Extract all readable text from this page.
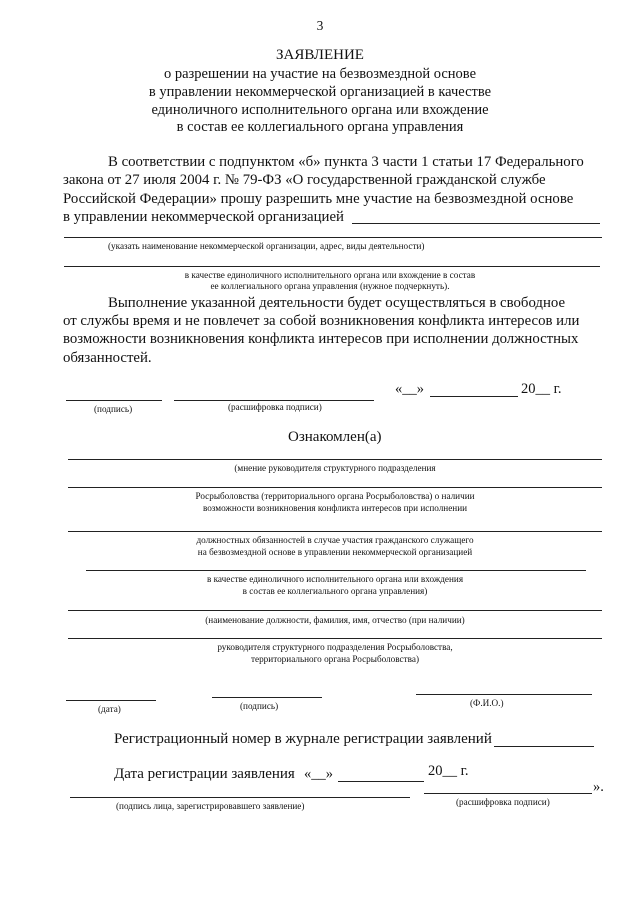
3
ЗАЯВЛЕНИЕ
о разрешении на участие на безвозмездной основе
в управлении некоммерческой организацией в качестве
единоличного исполнительного органа или вхождение
в состав ее коллегиального органа управления
В соответствии с подпунктом «б» пункта 3 части 1 статьи 17 Федерального
закона от 27 июля 2004 г. № 79-ФЗ «О государственной гражданской службе
Российской Федерации» прошу разрешить мне участие на безвозмездной основе
в управлении некоммерческой организацией
(указать наименование некоммерческой организации, адрес, виды деятельности)
в качестве единоличного исполнительного органа или вхождение в состав
ее коллегиального органа управления (нужное подчеркнуть).
Выполнение указанной деятельности будет осуществляться в свободное
от службы время и не повлечет за собой возникновения конфликта интересов или
возможности возникновения конфликта интересов при исполнении должностных
обязанностей.
«__»	20__ г.
(подпись)	(расшифровка подписи)
Ознакомлен(а)
(мнение руководителя структурного подразделения
Росрыболовства (территориального органа Росрыболовства) о наличии
возможности возникновения конфликта интересов при исполнении
должностных обязанностей в случае участия гражданского служащего
на безвозмездной основе в управлении некоммерческой организацией
в качестве единоличного исполнительного органа или вхождения
в состав ее коллегиального органа управления)
(наименование должности, фамилия, имя, отчество (при наличии)
руководителя структурного подразделения Росрыболовства,
территориального органа Росрыболовства)
(дата)	(подпись)	(Ф.И.О.)
Регистрационный номер в журнале регистрации заявлений
Дата регистрации заявления «__»	20__ г.
».
(подпись лица, зарегистрировавшего заявление)	(расшифровка подписи)
